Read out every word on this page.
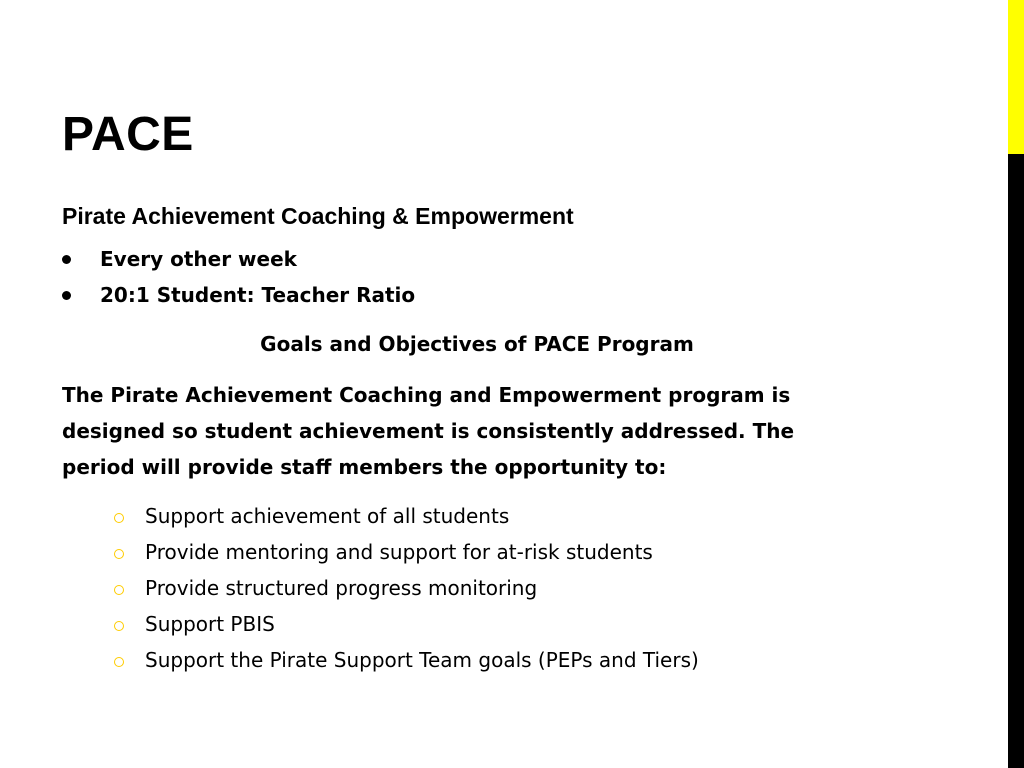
PACE
Pirate Achievement Coaching & Empowerment
Every other week
20:1 Student: Teacher Ratio
Goals and Objectives of PACE Program

The Pirate Achievement Coaching and Empowerment program is designed so student achievement is consistently addressed. The period will provide staff members the opportunity to:

Support achievement of all students
Provide mentoring and support for at-risk students
Provide structured progress monitoring
Support PBIS
Support the Pirate Support Team goals (PEPs and Tiers)
